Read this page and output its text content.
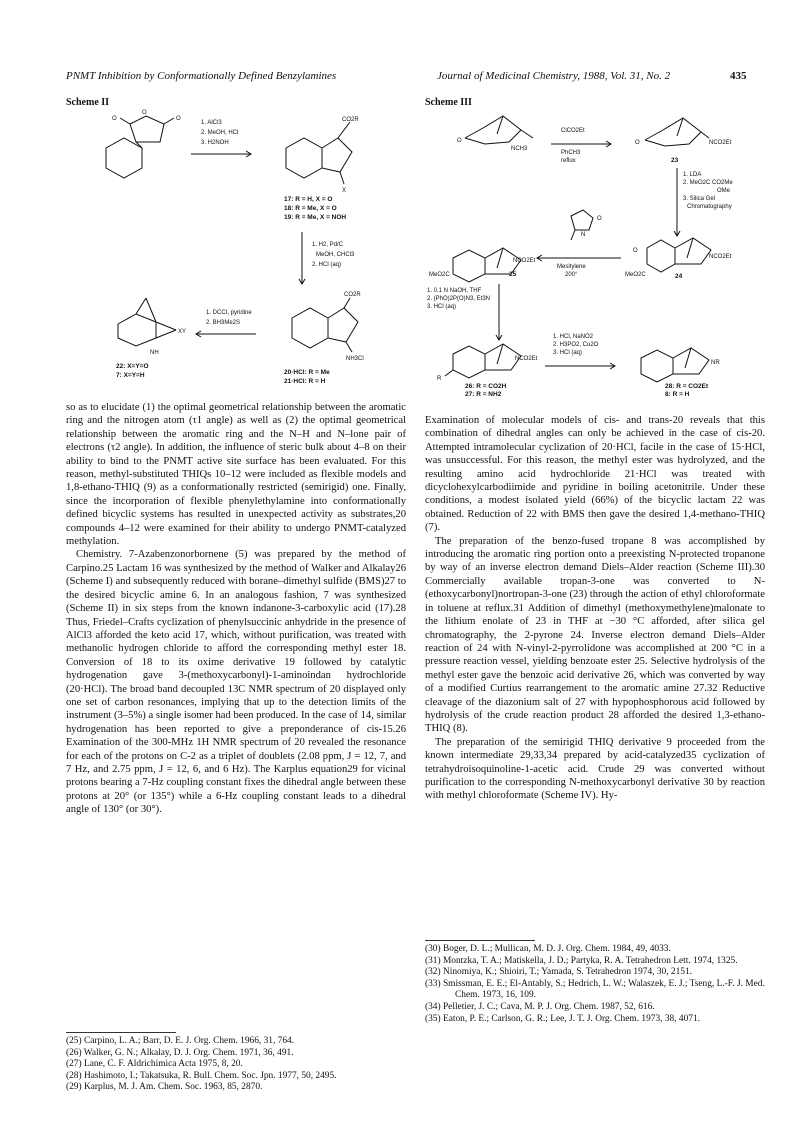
PNMT Inhibition by Conformationally Defined Benzylamines	Journal of Medicinal Chemistry, 1988, Vol. 31, No. 2	435
Scheme II
O
O
O
1. AlCl3
2. MeOH, HCl
3. H2NOH
CO2R
X
17: R = H, X = O
18: R = Me, X = O
19: R = Me, X = NOH
1. H2, Pd/C
MeOH, CHCl3
2. HCl (aq)
CO2R
NH3Cl
20·HCl: R = Me
21·HCl: R = H
1. DCCI, pyridine
2. BH3Me2S
XY
NH
22: X=Y=O
7: X=Y=H
Scheme III
O
NCH3
ClCO2Et
PhCH3
reflux
O	NCO2Et
23
1. LDA
2. MeO2C CO2Me
OMe
3. Silica Gel
Chromatography
O
NCO2Et
MeO2C	24
N
O
Mesitylene
200°
MeO2C
NCO2Et
25
1. 0.1 N NaOH, THF
2. (PhO)2P(O)N3, Et3N
3. HCl (aq)
R
NCO2Et
26: R = CO2H
27: R = NH2
1. HCl, NaNO2
2. H3PO2, Cu2O
3. HCl (aq)
NR
28: R = CO2Et
8: R = H

so as to elucidate (1) the optimal geometrical relationship between the aromatic ring and the nitrogen atom (τ1 angle) as well as (2) the optimal geometrical relationship between the aromatic ring and the N–H and N–lone pair of electrons (τ2 angle). In addition, the influence of steric bulk about 4–8 on their ability to bind to the PNMT active site surface has been evaluated. For this reason, methyl-substituted THIQs 10–12 were included as flexible models and 1,8-ethano-THIQ (9) as a conformationally restricted (semirigid) one. Finally, since the incorporation of flexible phenylethylamine into conformationally defined bicyclic systems has resulted in unexpected activity as substrates,20 compounds 4–12 were examined for their ability to undergo PNMT-catalyzed methylation.

Chemistry. 7-Azabenzonorbornene (5) was prepared by the method of Carpino.25 Lactam 16 was synthesized by the method of Walker and Alkalay26 (Scheme I) and subsequently reduced with borane–dimethyl sulfide (BMS)27 to the desired bicyclic amine 6. In an analogous fashion, 7 was synthesized (Scheme II) in six steps from the known indanone-3-carboxylic acid (17).28 Thus, Friedel–Crafts cyclization of phenylsuccinic anhydride in the presence of AlCl3 afforded the keto acid 17, which, without purification, was treated with methanolic hydrogen chloride to afford the corresponding methyl ester 18. Conversion of 18 to its oxime derivative 19 followed by catalytic hydrogenation gave 3-(methoxycarbonyl)-1-aminoindan hydrochloride (20·HCl). The broad band decoupled 13C NMR spectrum of 20 displayed only one set of carbon resonances, implying that up to the detection limits of the instrument (3–5%) a single isomer had been produced. In the case of 14, similar hydrogenation has been reported to give a preponderance of cis-15.26 Examination of the 300-MHz 1H NMR spectrum of 20 revealed the resonance for each of the protons on C-2 as a triplet of doublets (2.08 ppm, J = 12, 7, and 7 Hz, and 2.75 ppm, J = 12, 6, and 6 Hz). The Karplus equation29 for vicinal protons bearing a 7-Hz coupling constant fixes the dihedral angle between these protons at 20° (or 135°) while a 6-Hz coupling constant leads to a dihedral angle of 130° (or 30°).

Examination of molecular models of cis- and trans-20 reveals that this combination of dihedral angles can only be achieved in the case of cis-20. Attempted intramolecular cyclization of 20·HCl, facile in the case of 15·HCl, was unsuccessful. For this reason, the methyl ester was hydrolyzed, and the resulting amino acid hydrochloride 21·HCl was treated with dicyclohexylcarbodiimide and pyridine in boiling acetonitrile. Under these conditions, a modest isolated yield (66%) of the bicyclic lactam 22 was obtained. Reduction of 22 with BMS then gave the desired 1,4-methano-THIQ (7).

The preparation of the benzo-fused tropane 8 was accomplished by introducing the aromatic ring portion onto a preexisting N-protected tropanone by way of an inverse electron demand Diels–Alder reaction (Scheme III).30 Commercially available tropan-3-one was converted to N-(ethoxycarbonyl)nortropan-3-one (23) through the action of ethyl chloroformate in toluene at reflux.31 Addition of dimethyl (methoxymethylene)malonate to the lithium enolate of 23 in THF at −30 °C afforded, after silica gel chromatography, the 2-pyrone 24. Inverse electron demand Diels–Alder reaction of 24 with N-vinyl-2-pyrrolidone was accomplished at 200 °C in a pressure reaction vessel, yielding benzoate ester 25. Selective hydrolysis of the methyl ester gave the benzoic acid derivative 26, which was converted by way of a modified Curtius rearrangement to the aromatic amine 27.32 Reductive cleavage of the diazonium salt of 27 with hypophosphorous acid followed by hydrolysis of the crude reaction product 28 afforded the desired 1,3-ethano-THIQ (8).

The preparation of the semirigid THIQ derivative 9 proceeded from the known intermediate 29,33,34 prepared by acid-catalyzed35 cyclization of tetrahydroisoquinoline-1-acetic acid. Crude 29 was converted without purification to the corresponding N-methoxycarbonyl derivative 30 by reaction with methyl chloroformate (Scheme IV). Hy-

(25) Carpino, L. A.; Barr, D. E. J. Org. Chem. 1966, 31, 764.
(26) Walker, G. N.; Alkalay, D. J. Org. Chem. 1971, 36, 491.
(27) Lane, C. F. Aldrichimica Acta 1975, 8, 20.
(28) Hashimoto, I.; Takatsuka, R. Bull. Chem. Soc. Jpn. 1977, 50, 2495.
(29) Karplus, M. J. Am. Chem. Soc. 1963, 85, 2870.
(30) Boger, D. L.; Mullican, M. D. J. Org. Chem. 1984, 49, 4033.
(31) Montzka, T. A.; Matiskella, J. D.; Partyka, R. A. Tetrahedron Lett. 1974, 1325.
(32) Ninomiya, K.; Shioiri, T.; Yamada, S. Tetrahedron 1974, 30, 2151.
(33) Smissman, E. E.; El-Antably, S.; Hedrich, L. W.; Walaszek, E. J.; Tseng, L.-F. J. Med. Chem. 1973, 16, 109.
(34) Pelletier, J. C.; Cava, M. P. J. Org. Chem. 1987, 52, 616.
(35) Eaton, P. E.; Carlson, G. R.; Lee, J. T. J. Org. Chem. 1973, 38, 4071.
